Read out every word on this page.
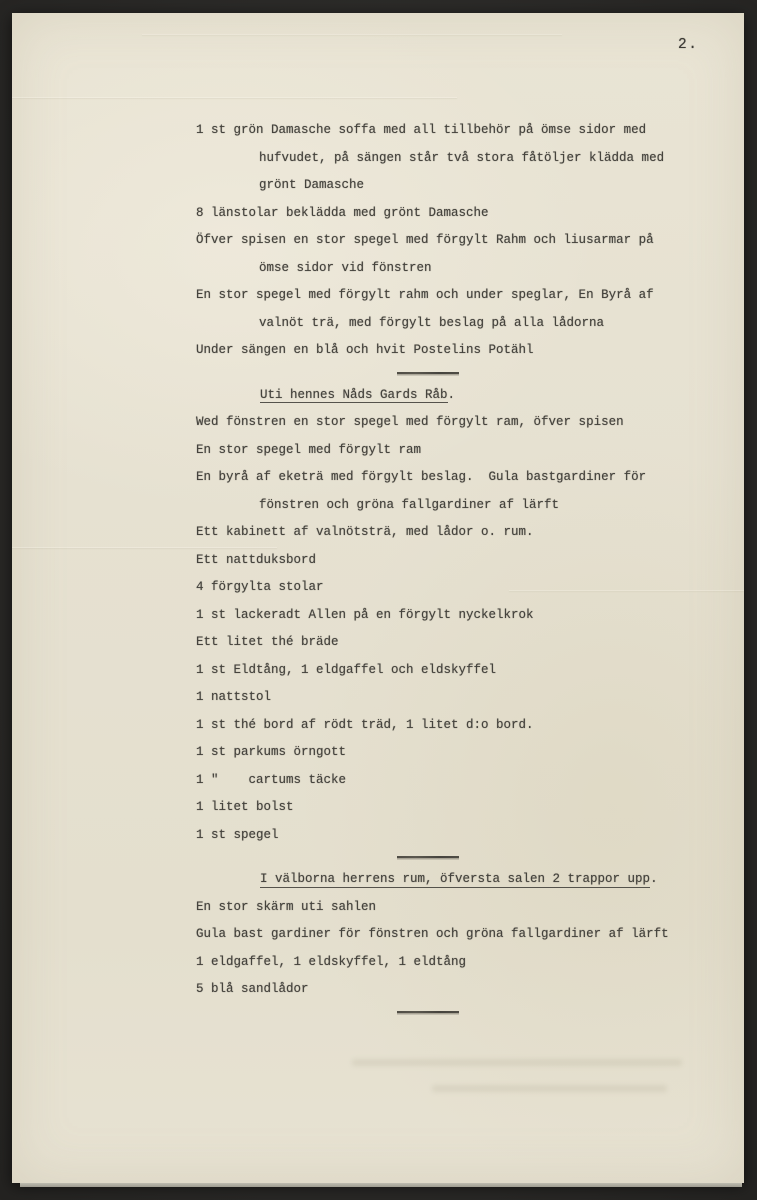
2.
1 st grön Damasche soffa med all tillbehör på ömse sidor med
hufvudet, på sängen står två stora fåtöljer klädda med
grönt Damasche
8 länstolar beklädda med grönt Damasche
Öfver spisen en stor spegel med förgylt Rahm och liusarmar på
ömse sidor vid fönstren
En stor spegel med förgylt rahm och under speglar, En Byrå af
valnöt trä, med förgylt beslag på alla lådorna
Under sängen en blå och hvit Postelins Potähl
Uti hennes Nåds Gards Råb.
Wed fönstren en stor spegel med förgylt ram, öfver spisen
En stor spegel med förgylt ram
En byrå af eketrä med förgylt beslag.  Gula bastgardiner för
fönstren och gröna fallgardiner af lärft
Ett kabinett af valnötsträ, med lådor o. rum.
Ett nattduksbord
4 förgylta stolar
1 st lackeradt Allen på en förgylt nyckelkrok
Ett litet thé bräde
1 st Eldtång, 1 eldgaffel och eldskyffel
1 nattstol
1 st thé bord af rödt träd, 1 litet d:o bord.
1 st parkums örngott
1 "    cartums täcke
1 litet bolst
1 st spegel
I välborna herrens rum, öfversta salen 2 trappor upp.
En stor skärm uti sahlen
Gula bast gardiner för fönstren och gröna fallgardiner af lärft
1 eldgaffel, 1 eldskyffel, 1 eldtång
5 blå sandlådor
